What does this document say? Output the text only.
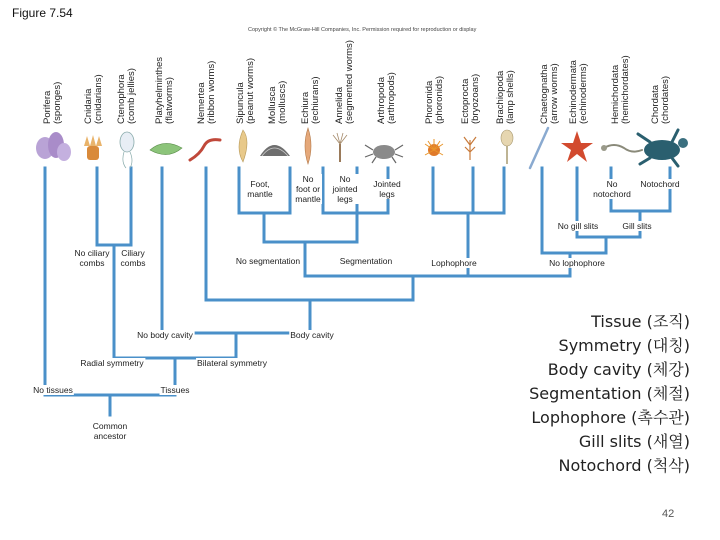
Figure 7.54
Copyright © The McGraw-Hill Companies, Inc. Permission required for reproduction or display
Porifera(sponges) Cnidaria(cnidarians) Ctenophora(comb jellies) Platyhelminthes(flatworms) Nemertea(ribbon worms) Sipuncula(peanut worms) Mollusca(molluscs) Echiura(echiurans) Annelida(segmented worms) Arthropoda(arthropods)	Phoronida(phoronids) Ectoprocta(bryozoans) Brachiopoda(lamp shells) Chaetognatha(arrow worms) Echinodermata(echinoderms) Hemichordata(hemichordates) Chordata(chordates)
Foot, mantle
No foot or mantle
No jointed legs
Jointed legs
No ciliary combs
Ciliary combs
No notochord
Notochord
No gill slits	Gill slits
No segmentation	Segmentation	Lophophore	No lophophore
No body cavity	Body cavity
Radial symmetry	Bilateral symmetry
No tissues	Tissues
Common ancestor
Tissue (조직)
Symmetry (대칭)
Body cavity (체강)
Segmentation (체절)
Lophophore (촉수관)
Gill slits (새열)
Notochord (척삭)
42
